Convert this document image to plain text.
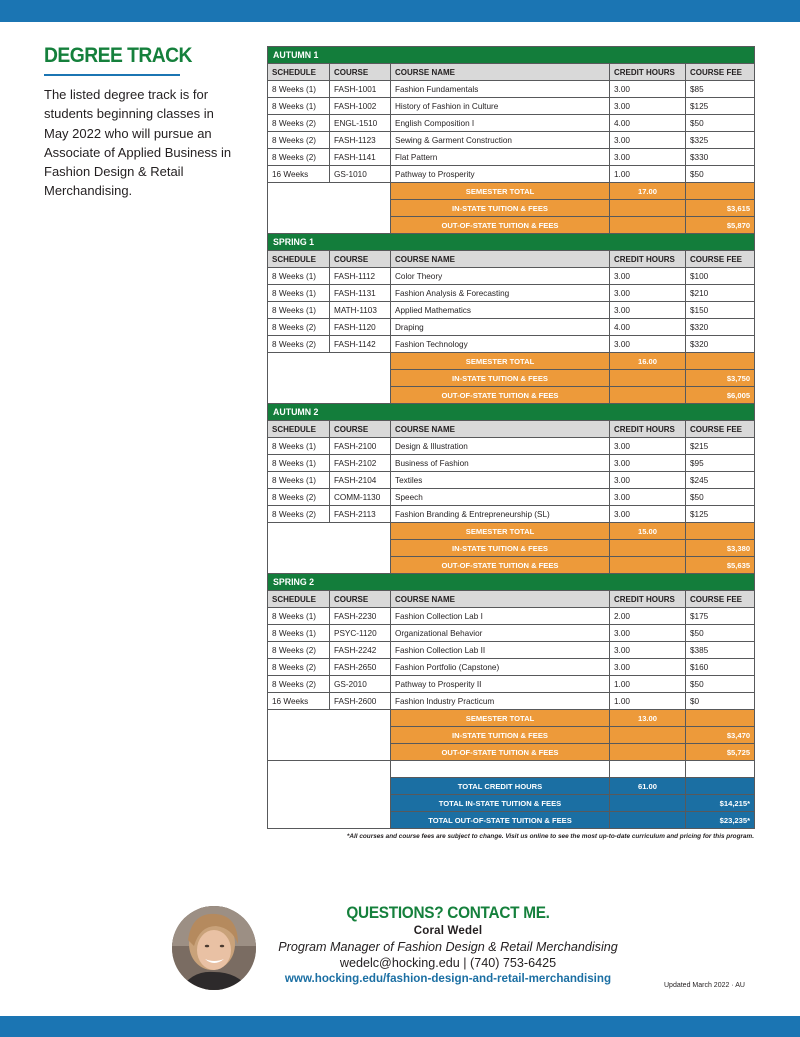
DEGREE TRACK

The listed degree track is for students beginning classes in May 2022 who will pursue an Associate of Applied Business in Fashion Design & Retail Merchandising.

AUTUMN 1				
SCHEDULE	COURSE	COURSE NAME	CREDIT HOURS	COURSE FEE
8 Weeks (1)	FASH-1001	Fashion Fundamentals	3.00	$85
8 Weeks (1)	FASH-1002	History of Fashion in Culture	3.00	$125
8 Weeks (2)	ENGL-1510	English Composition I	4.00	$50
8 Weeks (2)	FASH-1123	Sewing & Garment Construction	3.00	$325
8 Weeks (2)	FASH-1141	Flat Pattern	3.00	$330
16 Weeks	GS-1010	Pathway to Prosperity	1.00	$50
		SEMESTER TOTAL	17.00	
		IN-STATE TUITION & FEES		$3,615
		OUT-OF-STATE TUITION & FEES		$5,870
SPRING 1				
SCHEDULE	COURSE	COURSE NAME	CREDIT HOURS	COURSE FEE
8 Weeks (1)	FASH-1112	Color Theory	3.00	$100
8 Weeks (1)	FASH-1131	Fashion Analysis & Forecasting	3.00	$210
8 Weeks (1)	MATH-1103	Applied Mathematics	3.00	$150
8 Weeks (2)	FASH-1120	Draping	4.00	$320
8 Weeks (2)	FASH-1142	Fashion Technology	3.00	$320
		SEMESTER TOTAL	16.00	
		IN-STATE TUITION & FEES		$3,750
		OUT-OF-STATE TUITION & FEES		$6,005
AUTUMN 2				
SCHEDULE	COURSE	COURSE NAME	CREDIT HOURS	COURSE FEE
8 Weeks (1)	FASH-2100	Design & Illustration	3.00	$215
8 Weeks (1)	FASH-2102	Business of Fashion	3.00	$95
8 Weeks (1)	FASH-2104	Textiles	3.00	$245
8 Weeks (2)	COMM-1130	Speech	3.00	$50
8 Weeks (2)	FASH-2113	Fashion Branding & Entrepreneurship (SL)	3.00	$125
		SEMESTER TOTAL	15.00	
		IN-STATE TUITION & FEES		$3,380
		OUT-OF-STATE TUITION & FEES		$5,635
SPRING 2				
SCHEDULE	COURSE	COURSE NAME	CREDIT HOURS	COURSE FEE
8 Weeks (1)	FASH-2230	Fashion Collection Lab I	2.00	$175
8 Weeks (1)	PSYC-1120	Organizational Behavior	3.00	$50
8 Weeks (2)	FASH-2242	Fashion Collection Lab II	3.00	$385
8 Weeks (2)	FASH-2650	Fashion Portfolio (Capstone)	3.00	$160
8 Weeks (2)	GS-2010	Pathway to Prosperity II	1.00	$50
16 Weeks	FASH-2600	Fashion Industry Practicum	1.00	$0
		SEMESTER TOTAL	13.00	
		IN-STATE TUITION & FEES		$3,470
		OUT-OF-STATE TUITION & FEES		$5,725

		TOTAL CREDIT HOURS	61.00	
		TOTAL IN-STATE TUITION & FEES		$14,215*
		TOTAL OUT-OF-STATE TUITION & FEES		$23,235*
*All courses and course fees are subject to change. Visit us online to see the most up-to-date curriculum and pricing for this program.
QUESTIONS? CONTACT ME.
Coral Wedel
Program Manager of Fashion Design & Retail Merchandising
wedelc@hocking.edu | (740) 753-6425
www.hocking.edu/fashion-design-and-retail-merchandising
Updated March 2022 · AU
